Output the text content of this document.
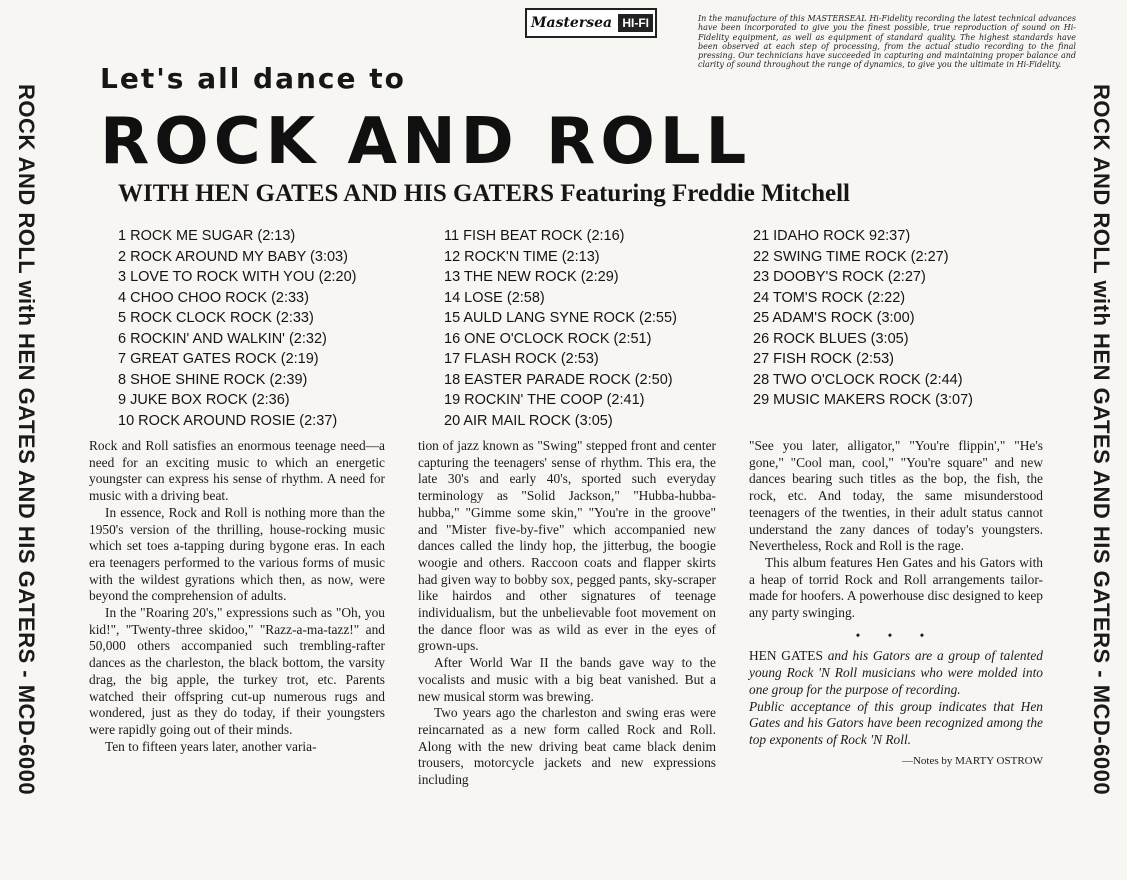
ROCK AND ROLL with HEN GATES AND HIS GATERS - MCD-6000	ROCK AND ROLL with HEN GATES AND HIS GATERS - MCD-6000
Mastersea HI-FI	In the manufacture of this MASTERSEAL Hi-Fidelity recording the latest technical advances have been incorporated to give you the finest possible, true reproduction of sound on Hi-Fidelity equipment, as well as equipment of standard quality. The highest standards have been observed at each step of processing, from the actual studio recording to the final pressing. Our technicians have succeeded in capturing and maintaining proper balance and clarity of sound throughout the range of dynamics, to give you the ultimate in Hi-Fidelity.
Let's all dance to
ROCK AND ROLL
WITH HEN GATES AND HIS GATERS Featuring Freddie Mitchell
1 ROCK ME SUGAR (2:13)
2 ROCK AROUND MY BABY (3:03)
3 LOVE TO ROCK WITH YOU (2:20)
4 CHOO CHOO ROCK (2:33)
5 ROCK CLOCK ROCK (2:33)
6 ROCKIN' AND WALKIN' (2:32)
7 GREAT GATES ROCK (2:19)
8 SHOE SHINE ROCK (2:39)
9 JUKE BOX ROCK (2:36)
10 ROCK AROUND ROSIE (2:37)
11 FISH BEAT ROCK (2:16)
12 ROCK'N TIME (2:13)
13 THE NEW ROCK (2:29)
14 LOSE (2:58)
15 AULD LANG SYNE ROCK (2:55)
16 ONE O'CLOCK ROCK (2:51)
17 FLASH ROCK (2:53)
18 EASTER PARADE ROCK (2:50)
19 ROCKIN' THE COOP (2:41)
20 AIR MAIL ROCK (3:05)
21 IDAHO ROCK 92:37)
22 SWING TIME ROCK (2:27)
23 DOOBY'S ROCK (2:27)
24 TOM'S ROCK (2:22)
25 ADAM'S ROCK (3:00)
26 ROCK BLUES (3:05)
27 FISH ROCK (2:53)
28 TWO O'CLOCK ROCK (2:44)
29 MUSIC MAKERS ROCK (3:07)

Rock and Roll satisfies an enormous teenage need—a need for an exciting music to which an energetic youngster can express his sense of rhythm. A need for music with a driving beat.

In essence, Rock and Roll is nothing more than the 1950's version of the thrilling, house-rocking music which set toes a-tapping during bygone eras. In each era teenagers performed to the various forms of music with the wildest gyrations which then, as now, were beyond the comprehension of adults.

In the "Roaring 20's," expressions such as "Oh, you kid!", "Twenty-three skidoo," "Razz-a-ma-tazz!" and 50,000 others accompanied such trembling-rafter dances as the charleston, the black bottom, the varsity drag, the big apple, the turkey trot, etc. Parents watched their offspring cut-up numerous rugs and wondered, just as they do today, if their youngsters were rapidly going out of their minds.

Ten to fifteen years later, another varia-

tion of jazz known as "Swing" stepped front and center capturing the teenagers' sense of rhythm. This era, the late 30's and early 40's, sported such everyday terminology as "Solid Jackson," "Hubba-hubba-hubba," "Gimme some skin," "You're in the groove" and "Mister five-by-five" which accompanied new dances called the lindy hop, the jitterbug, the boogie woogie and others. Raccoon coats and flapper skirts had given way to bobby sox, pegged pants, sky-scraper like hairdos and other signatures of teenage individualism, but the unbelievable foot movement on the dance floor was as wild as ever in the eyes of grown-ups.

After World War II the bands gave way to the vocalists and music with a big beat vanished. But a new musical storm was brewing.

Two years ago the charleston and swing eras were reincarnated as a new form called Rock and Roll. Along with the new driving beat came black denim trousers, motorcycle jackets and new expressions including

"See you later, alligator," "You're flippin'," "He's gone," "Cool man, cool," "You're square" and new dances bearing such titles as the bop, the fish, the rock, etc. And today, the same misunderstood teenagers of the twenties, in their adult status cannot understand the zany dances of today's youngsters. Nevertheless, Rock and Roll is the rage.

This album features Hen Gates and his Gators with a heap of torrid Rock and Roll arrangements tailor-made for hoofers. A powerhouse disc designed to keep any party swinging.

• • •

HEN GATES and his Gators are a group of talented young Rock 'N Roll musicians who were molded into one group for the purpose of recording.

Public acceptance of this group indicates that Hen Gates and his Gators have been recognized among the top exponents of Rock 'N Roll.

—Notes by MARTY OSTROW
